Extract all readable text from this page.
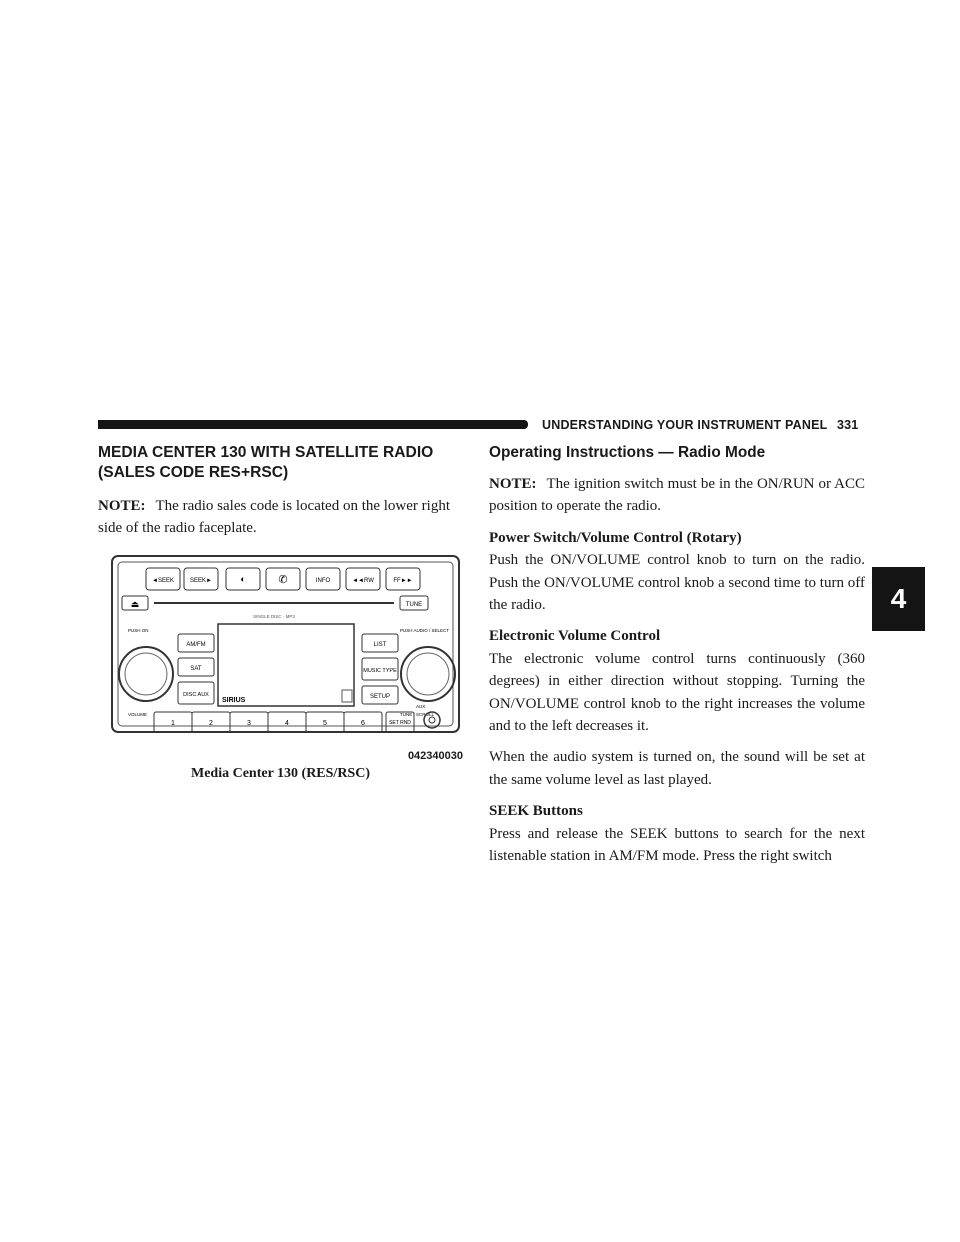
UNDERSTANDING YOUR INSTRUMENT PANEL 331
4
MEDIA CENTER 130 WITH SATELLITE RADIO
(SALES CODE RES+RSC)

NOTE: The radio sales code is located on the lower right side of the radio faceplate.

◄SEEK	SEEK►	◐	✆	INFO	◄◄RW	FF►►
⏏
SINGLE DISC · MP3
TUNE
PUSH ON
VOLUME
AM/FM
SAT
DISC AUX
SIRIUS
LIST
MUSIC TYPE
SETUP
PUSH AUDIO / SELECT
TUNE / SCROLL
1	2	3	4	5	6	SET RND
AUX
042340030
Media Center 130 (RES/RSC)
Operating Instructions — Radio Mode

NOTE: The ignition switch must be in the ON/RUN or ACC position to operate the radio.

Power Switch/Volume Control (Rotary)

Push the ON/VOLUME control knob to turn on the radio. Push the ON/VOLUME control knob a second time to turn off the radio.

Electronic Volume Control

The electronic volume control turns continuously (360 degrees) in either direction without stopping. Turning the ON/VOLUME control knob to the right increases the volume and to the left decreases it.

When the audio system is turned on, the sound will be set at the same volume level as last played.

SEEK Buttons

Press and release the SEEK buttons to search for the next listenable station in AM/FM mode. Press the right switch
